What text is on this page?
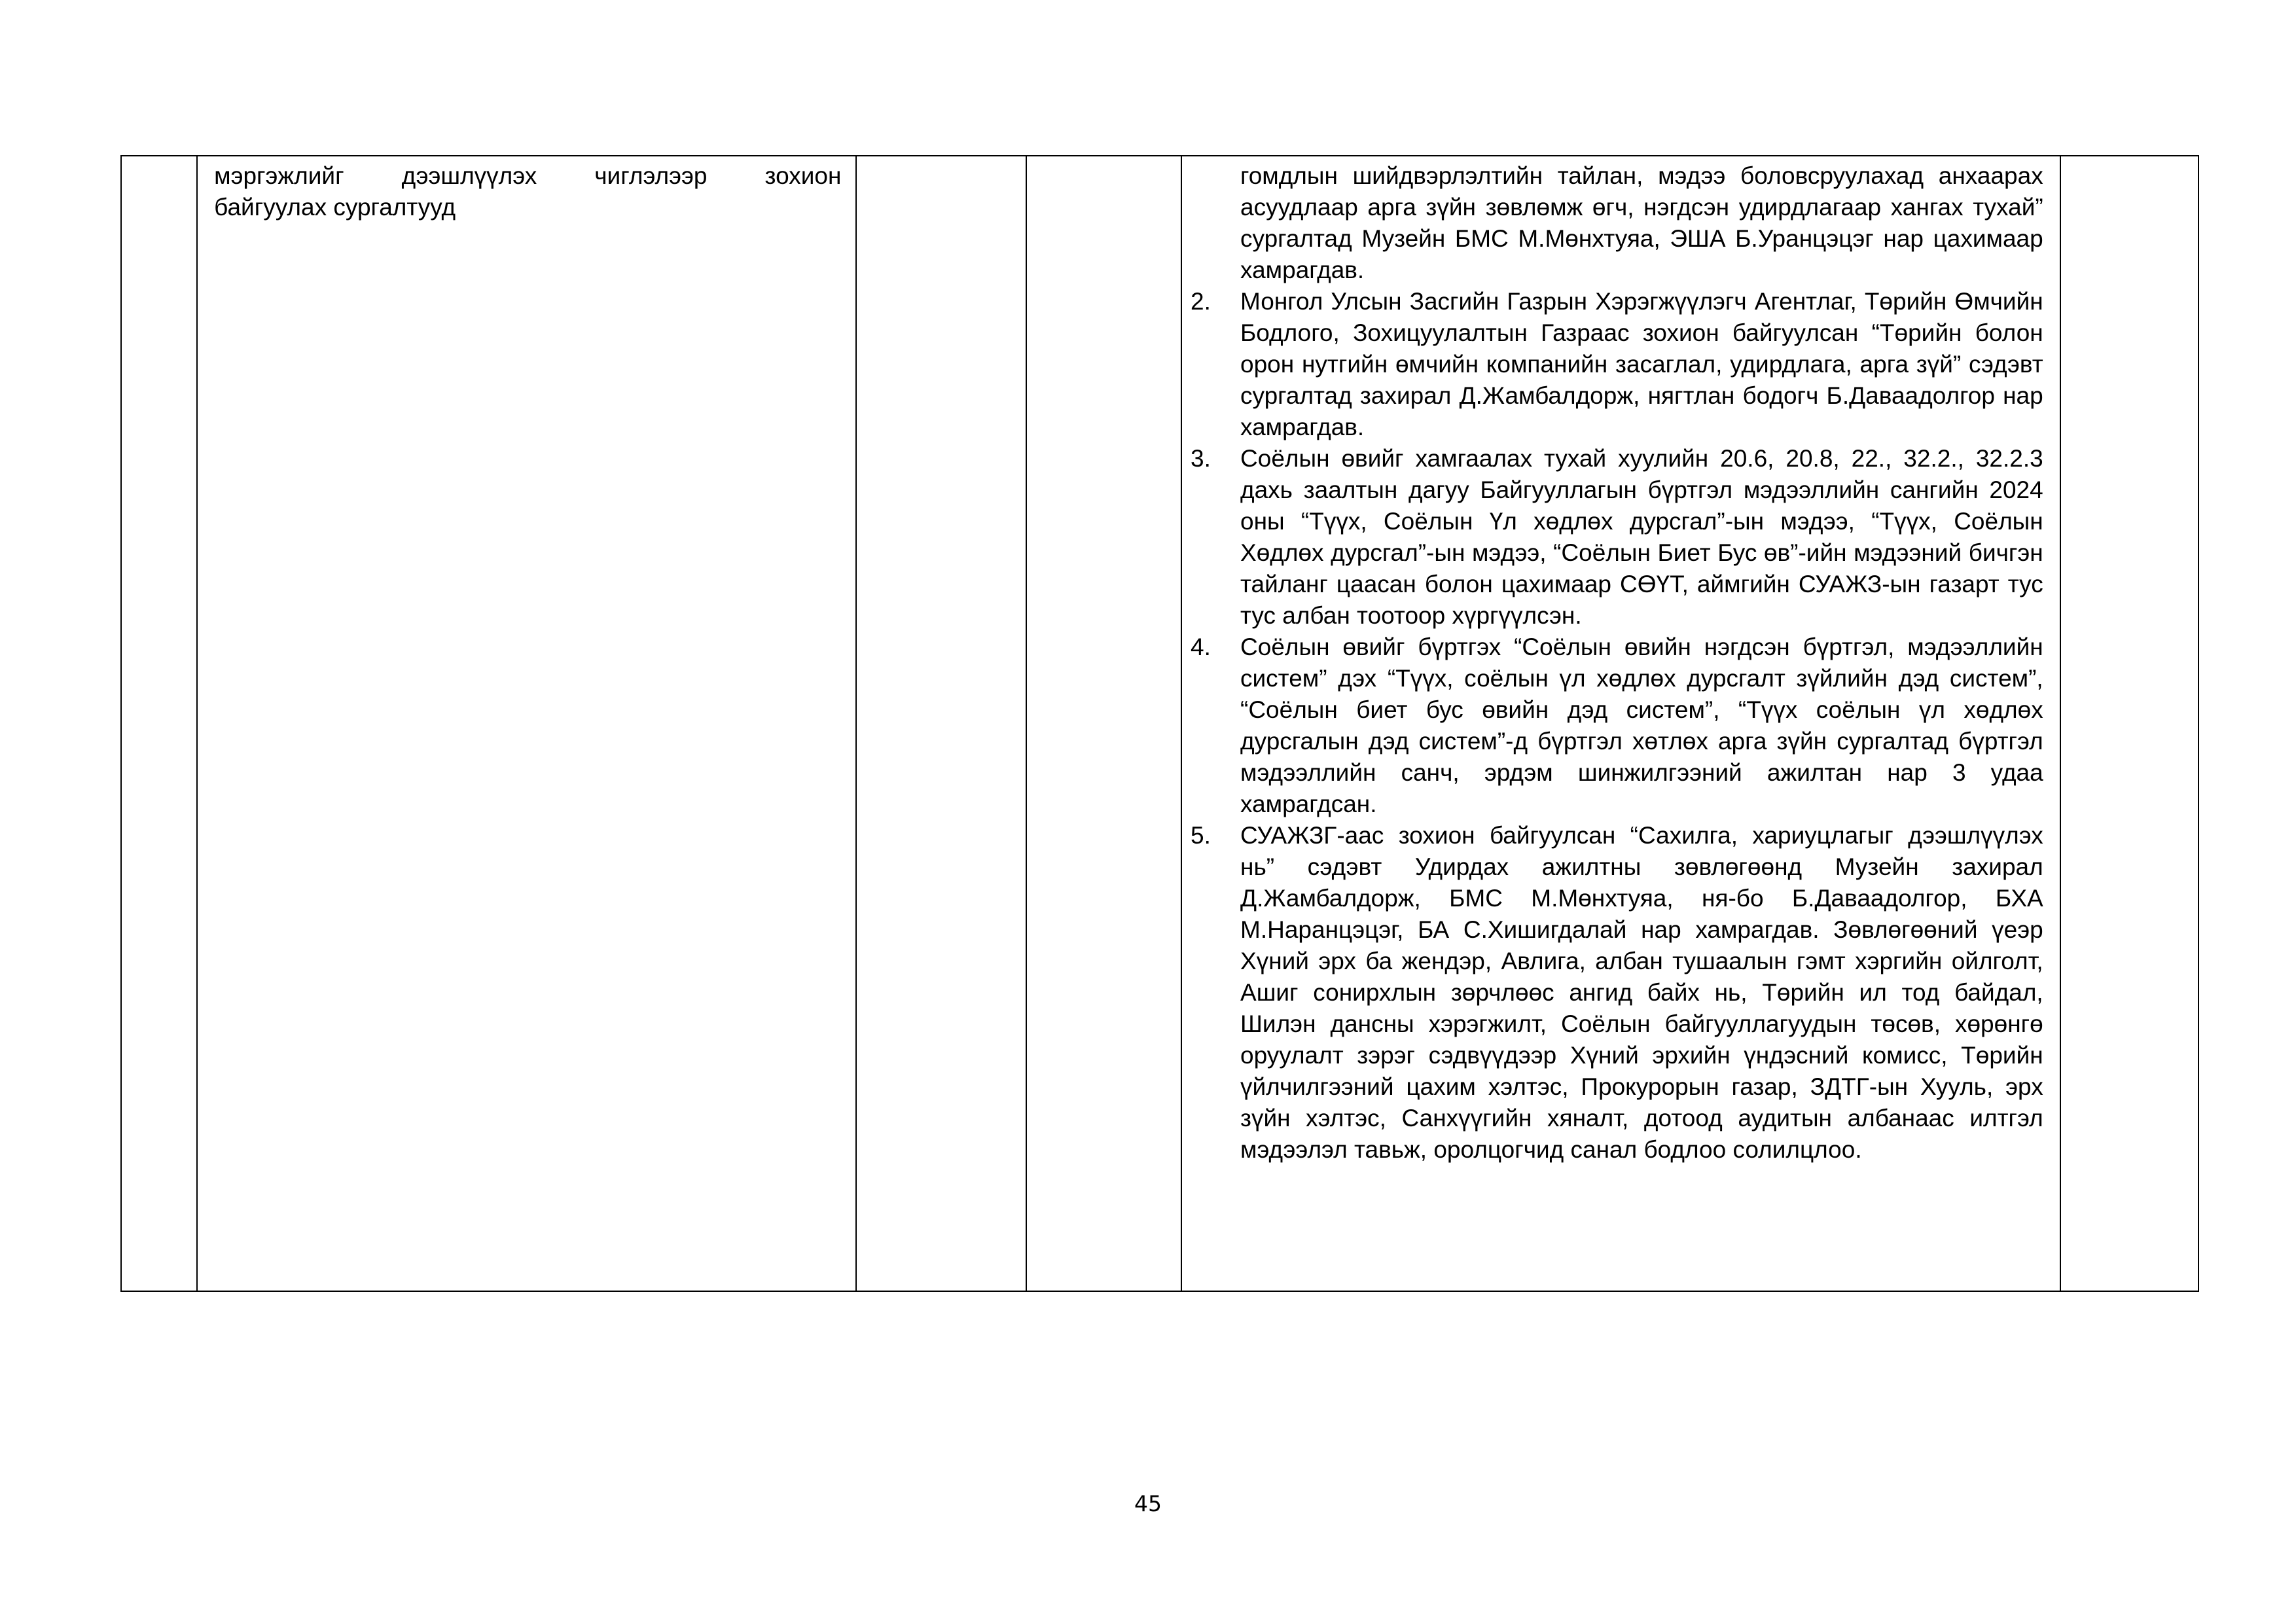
мэргэжлийг дээшлүүлэх чиглэлээр зохион
байгуулах сургалтууд

гомдлын шийдвэрлэлтийн тайлан, мэдээ боловсруулахад анхаарах асуудлаар арга зүйн зөвлөмж өгч, нэгдсэн удирдлагаар хангах тухай” сургалтад Музейн БМС М.Мөнхтуяа, ЭША Б.Уранцэцэг нар цахимаар хамрагдав.
2.	Монгол Улсын Засгийн Газрын Хэрэгжүүлэгч Агентлаг, Төрийн Өмчийн Бодлого, Зохицуулалтын Газраас зохион байгуулсан “Төрийн болон орон нутгийн өмчийн компанийн засаглал, удирдлага, арга зүй” сэдэвт сургалтад захирал Д.Жамбалдорж, нягтлан бодогч Б.Даваадолгор нар хамрагдав.
3.	Соёлын өвийг хамгаалах тухай хуулийн 20.6, 20.8, 22., 32.2., 32.2.3 дахь заалтын дагуу Байгууллагын бүртгэл мэдээллийн сангийн 2024 оны “Түүх, Соёлын Үл хөдлөх дурсгал”-ын мэдээ, “Түүх, Соёлын Хөдлөх дурсгал”-ын мэдээ, “Соёлын Биет Бус өв”-ийн мэдээний бичгэн тайланг цаасан болон цахимаар СӨҮТ, аймгийн СУАЖЗ-ын газарт тус тус албан тоотоор хүргүүлсэн.
4.	Соёлын өвийг бүртгэх “Соёлын өвийн нэгдсэн бүртгэл, мэдээллийн систем” дэх “Түүх, соёлын үл хөдлөх дурсгалт зүйлийн дэд систем”, “Соёлын биет бус өвийн дэд систем”, “Түүх соёлын үл хөдлөх дурсгалын дэд систем”-д бүртгэл хөтлөх арга зүйн сургалтад бүртгэл мэдээллийн санч, эрдэм шинжилгээний ажилтан нар 3 удаа хамрагдсан.
5.	СУАЖЗГ-аас зохион байгуулсан “Сахилга, хариуцлагыг дээшлүүлэх нь” сэдэвт Удирдах ажилтны зөвлөгөөнд Музейн захирал Д.Жамбалдорж, БМС М.Мөнхтуяа, ня-бо Б.Даваадолгор, БХА М.Наранцэцэг, БА С.Хишигдалай нар хамрагдав. Зөвлөгөөний үеэр Хүний эрх ба жендэр, Авлига, албан тушаалын гэмт хэргийн ойлголт, Ашиг сонирхлын зөрчлөөс ангид байх нь, Төрийн ил тод байдал, Шилэн дансны хэрэгжилт, Соёлын байгууллагуудын төсөв, хөрөнгө оруулалт зэрэг сэдвүүдээр Хүний эрхийн үндэсний комисс, Төрийн үйлчилгээний цахим хэлтэс, Прокурорын газар, ЗДТГ-ын Хууль, эрх зүйн хэлтэс, Санхүүгийн хяналт, дотоод аудитын албанаас илтгэл мэдээлэл тавьж, оролцогчид санал бодлоо солилцлоо.

45
